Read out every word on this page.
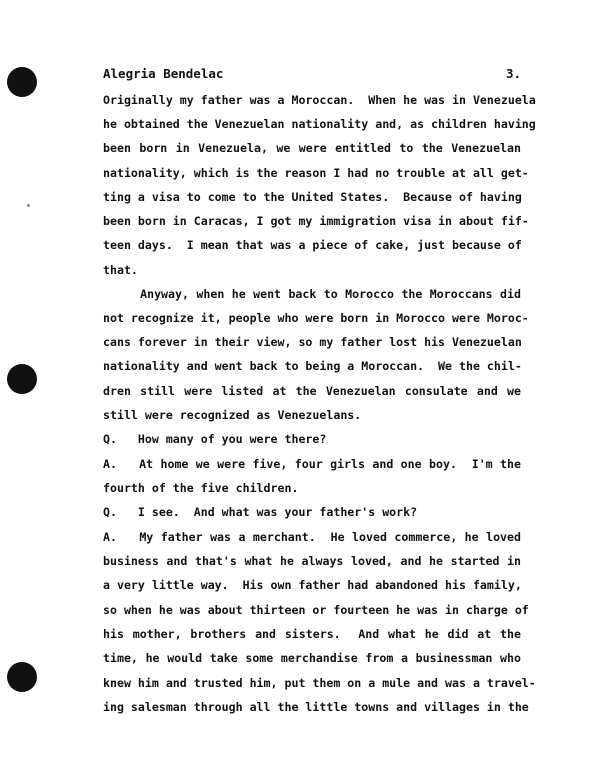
Alegria Bendelac	3.
Originally my father was a Moroccan.  When he was in Venezuela
he obtained the Venezuelan nationality and, as children having
been born in Venezuela, we were entitled to the Venezuelan
nationality, which is the reason I had no trouble at all get-
ting a visa to come to the United States.  Because of having
been born in Caracas, I got my immigration visa in about fif-
teen days.  I mean that was a piece of cake, just because of
that.
Anyway, when he went back to Morocco the Moroccans did
not recognize it, people who were born in Morocco were Moroc-
cans forever in their view, so my father lost his Venezuelan
nationality and went back to being a Moroccan.  We the chil-
dren still were listed at the Venezuelan consulate and we
still were recognized as Venezuelans.
Q.   How many of you were there?
A.   At home we were five, four girls and one boy.  I'm the
fourth of the five children.
Q.   I see.  And what was your father's work?
A.   My father was a merchant.  He loved commerce, he loved
business and that's what he always loved, and he started in
a very little way.  His own father had abandoned his family,
so when he was about thirteen or fourteen he was in charge of
his mother, brothers and sisters.  And what he did at the
time, he would take some merchandise from a businessman who
knew him and trusted him, put them on a mule and was a travel-
ing salesman through all the little towns and villages in the
